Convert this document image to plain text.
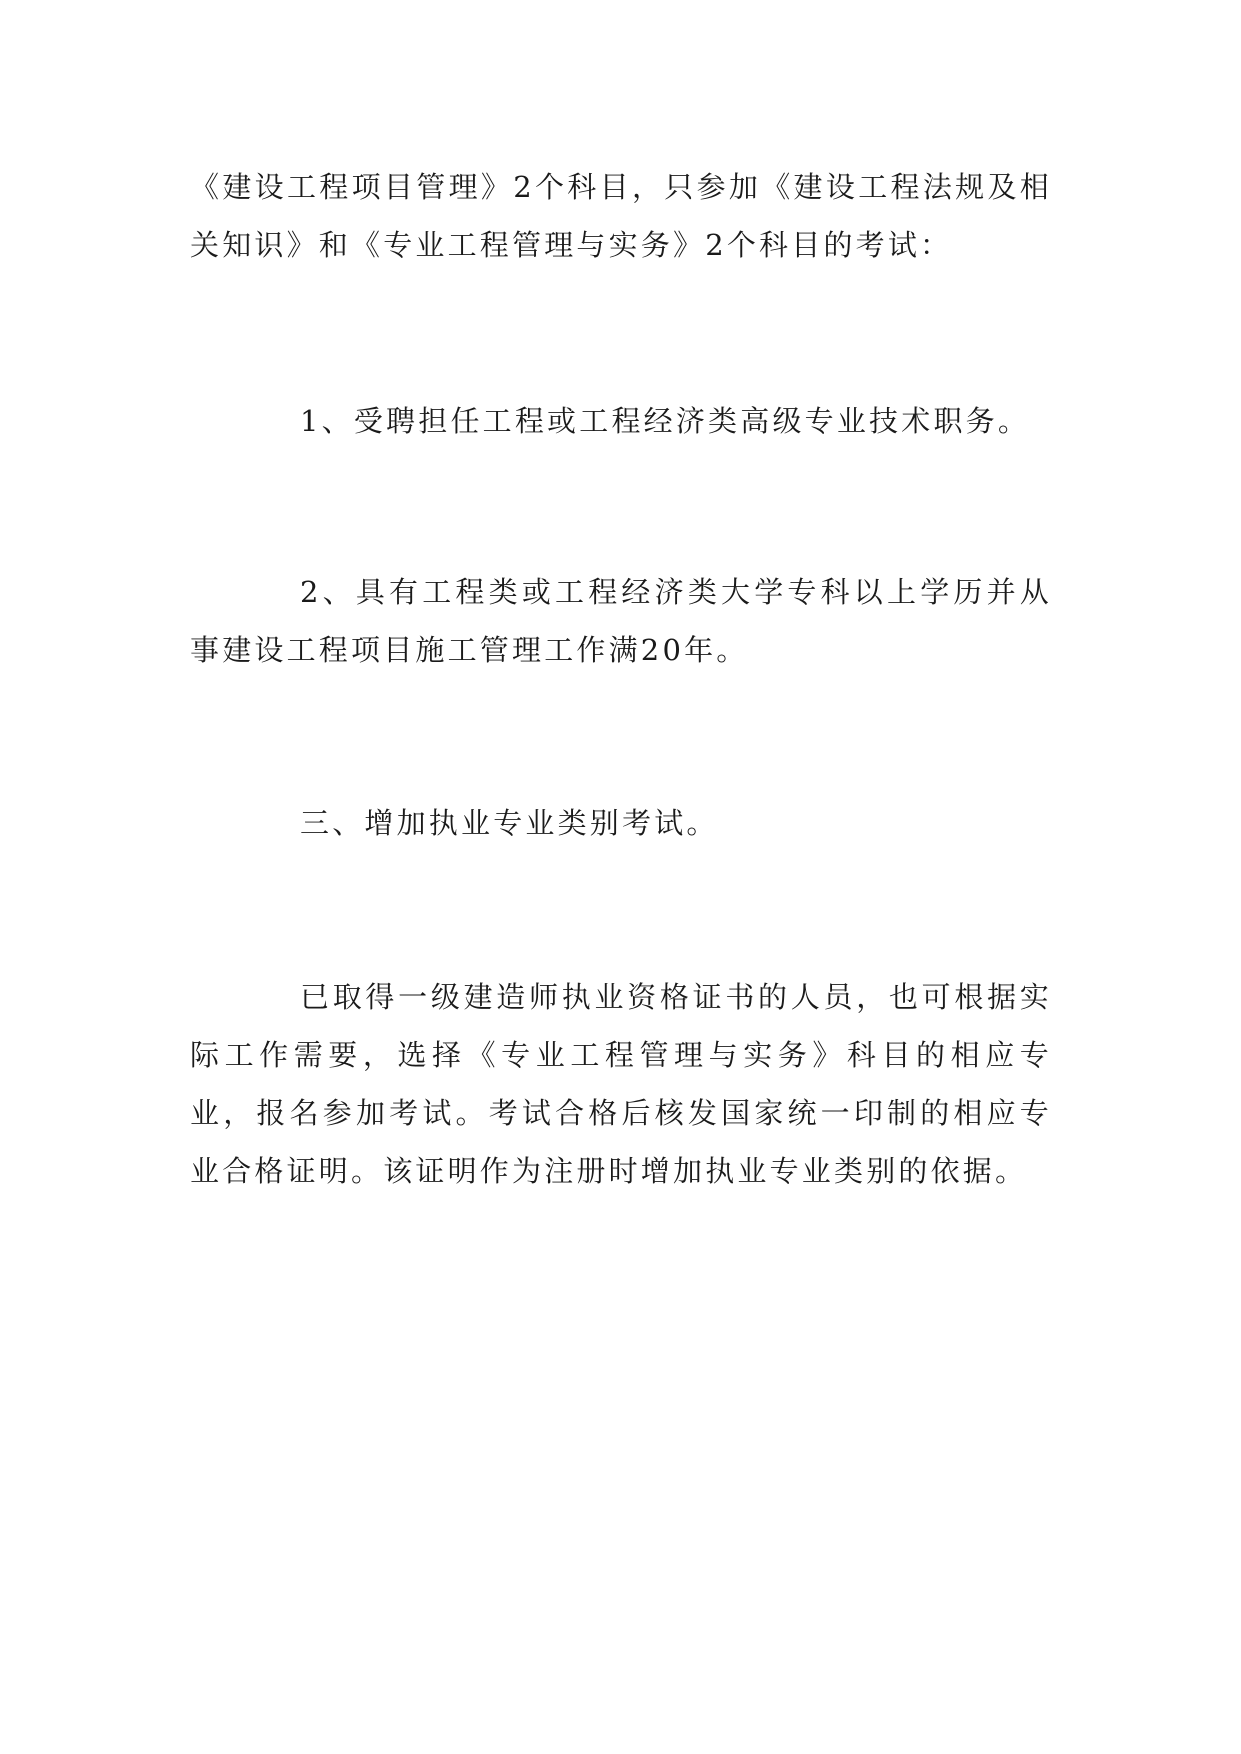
《建设工程项目管理》2个科目，只参加《建设工程法规及相关知识》和《专业工程管理与实务》2个科目的考试：

1、受聘担任工程或工程经济类高级专业技术职务。

2、具有工程类或工程经济类大学专科以上学历并从事建设工程项目施工管理工作满20年。

三、增加执业专业类别考试。

已取得一级建造师执业资格证书的人员，也可根据实际工作需要，选择《专业工程管理与实务》科目的相应专业，报名参加考试。考试合格后核发国家统一印制的相应专业合格证明。该证明作为注册时增加执业专业类别的依据。
